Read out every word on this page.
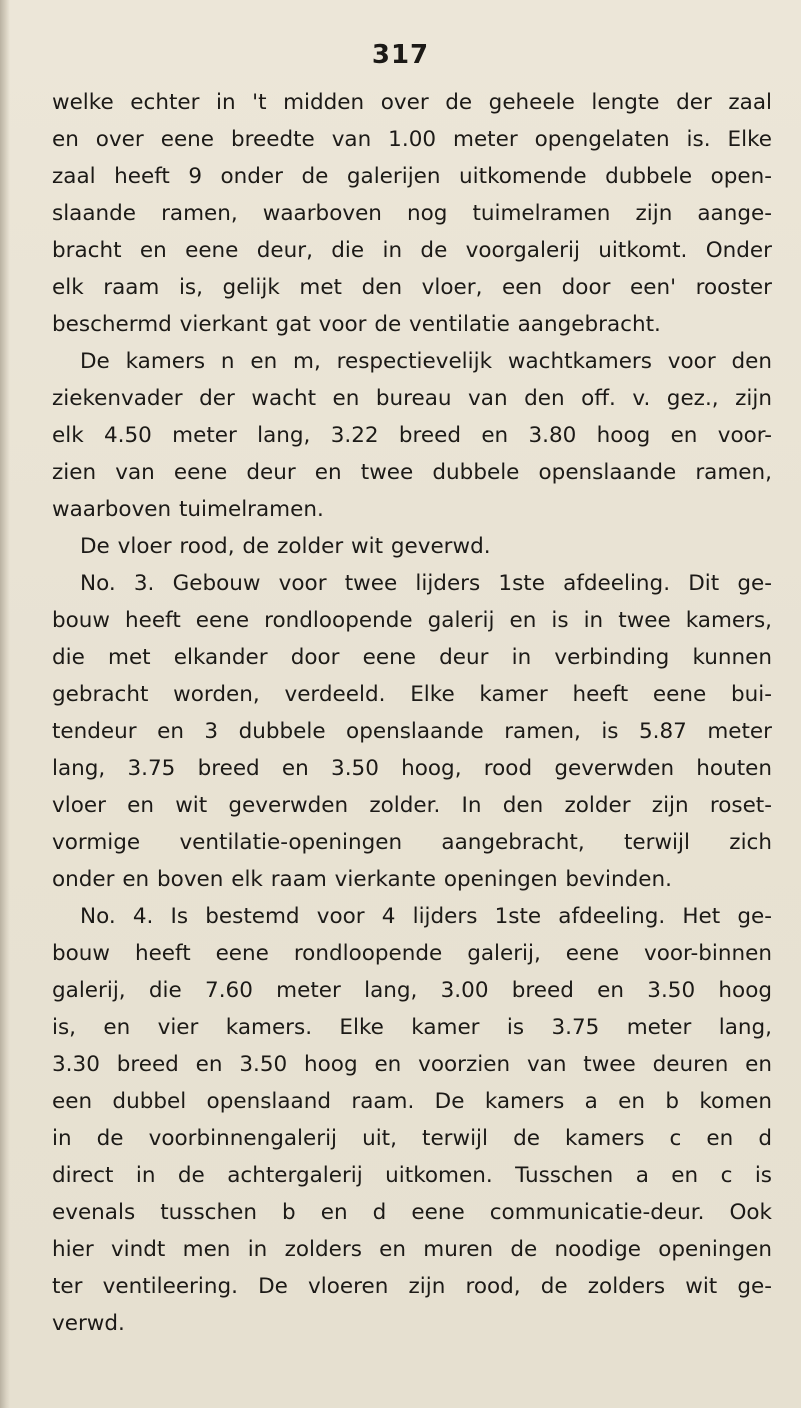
317
welke echter in 't midden over de geheele lengte der zaal
en over eene breedte van 1.00 meter opengelaten is. Elke
zaal heeft 9 onder de galerijen uitkomende dubbele open-
slaande ramen, waarboven nog tuimelramen zijn aange-
bracht en eene deur, die in de voorgalerij uitkomt. Onder
elk raam is, gelijk met den vloer, een door een' rooster
beschermd vierkant gat voor de ventilatie aangebracht.
De kamers n en m, respectievelijk wachtkamers voor den
ziekenvader der wacht en bureau van den off. v. gez., zijn
elk 4.50 meter lang, 3.22 breed en 3.80 hoog en voor-
zien van eene deur en twee dubbele openslaande ramen,
waarboven tuimelramen.
De vloer rood, de zolder wit geverwd.
No. 3. Gebouw voor twee lijders 1ste afdeeling. Dit ge-
bouw heeft eene rondloopende galerij en is in twee kamers,
die met elkander door eene deur in verbinding kunnen
gebracht worden, verdeeld. Elke kamer heeft eene bui-
tendeur en 3 dubbele openslaande ramen, is 5.87 meter
lang, 3.75 breed en 3.50 hoog, rood geverwden houten
vloer en wit geverwden zolder. In den zolder zijn roset-
vormige ventilatie-openingen aangebracht, terwijl zich
onder en boven elk raam vierkante openingen bevinden.
No. 4. Is bestemd voor 4 lijders 1ste afdeeling. Het ge-
bouw heeft eene rondloopende galerij, eene voor-binnen
galerij, die 7.60 meter lang, 3.00 breed en 3.50 hoog
is, en vier kamers. Elke kamer is 3.75 meter lang,
3.30 breed en 3.50 hoog en voorzien van twee deuren en
een dubbel openslaand raam. De kamers a en b komen
in de voorbinnengalerij uit, terwijl de kamers c en d
direct in de achtergalerij uitkomen. Tusschen a en c is
evenals tusschen b en d eene communicatie-deur. Ook
hier vindt men in zolders en muren de noodige openingen
ter ventileering. De vloeren zijn rood, de zolders wit ge-
verwd.
